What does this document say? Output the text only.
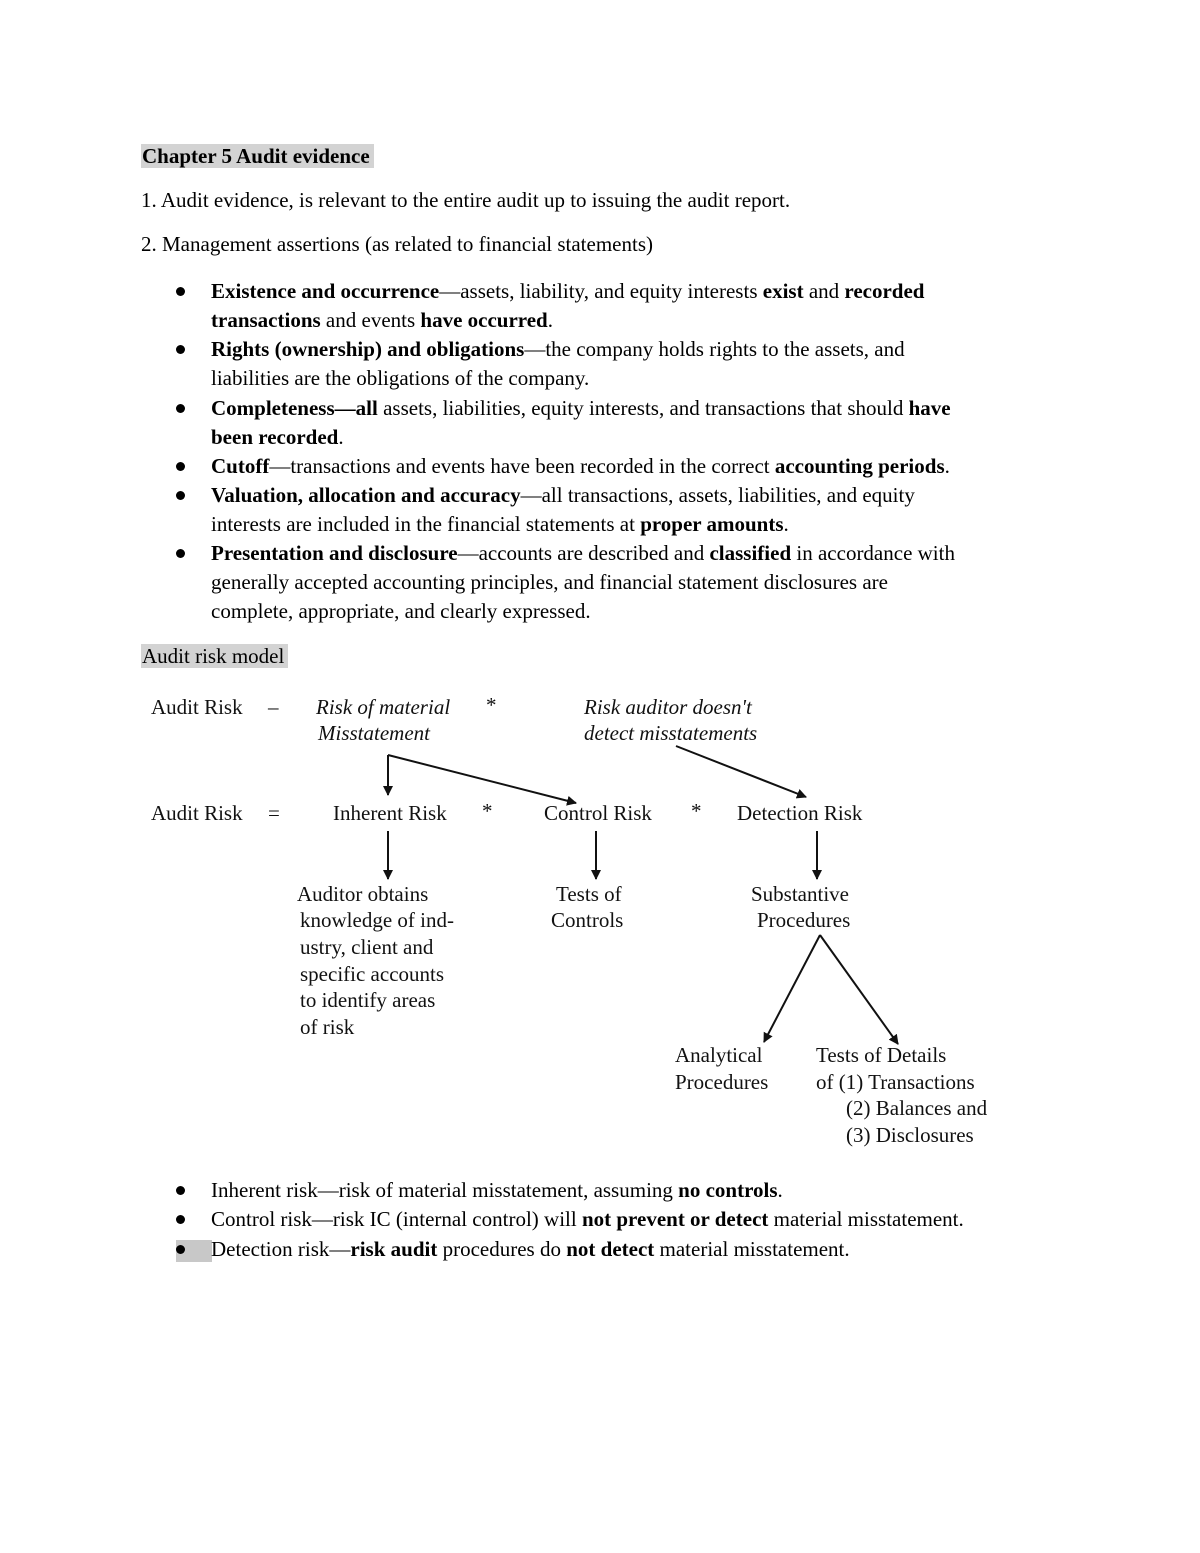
Chapter 5 Audit evidence
1. Audit evidence, is relevant to the entire audit up to issuing the audit report.
2. Management assertions (as related to financial statements)
Existence and occurrence—assets, liability, and equity interests exist and recorded
transactions and events have occurred.
Rights (ownership) and obligations—the company holds rights to the assets, and
liabilities are the obligations of the company.
Completeness—all assets, liabilities, equity interests, and transactions that should have
been recorded.
Cutoff—transactions and events have been recorded in the correct accounting periods.
Valuation, allocation and accuracy—all transactions, assets, liabilities, and equity
interests are included in the financial statements at proper amounts.
Presentation and disclosure—accounts are described and classified in accordance with
generally accepted accounting principles, and financial statement disclosures are
complete, appropriate, and clearly expressed.
Audit risk model
Audit Risk – Risk of material
Misstatement
*	Risk auditor doesn't
detect misstatements
Audit Risk =	Inherent Risk * Control Risk * Detection Risk
Auditor obtains
knowledge of ind-
ustry, client and
specific accounts
to identify areas
of risk
Tests of
Controls
Substantive
Procedures
Analytical
Procedures
Tests of Details
of (1) Transactions
(2) Balances and
(3) Disclosures
Inherent risk—risk of material misstatement, assuming no controls.
Control risk—risk IC (internal control) will not prevent or detect material misstatement.
Detection risk—risk audit procedures do not detect material misstatement.
